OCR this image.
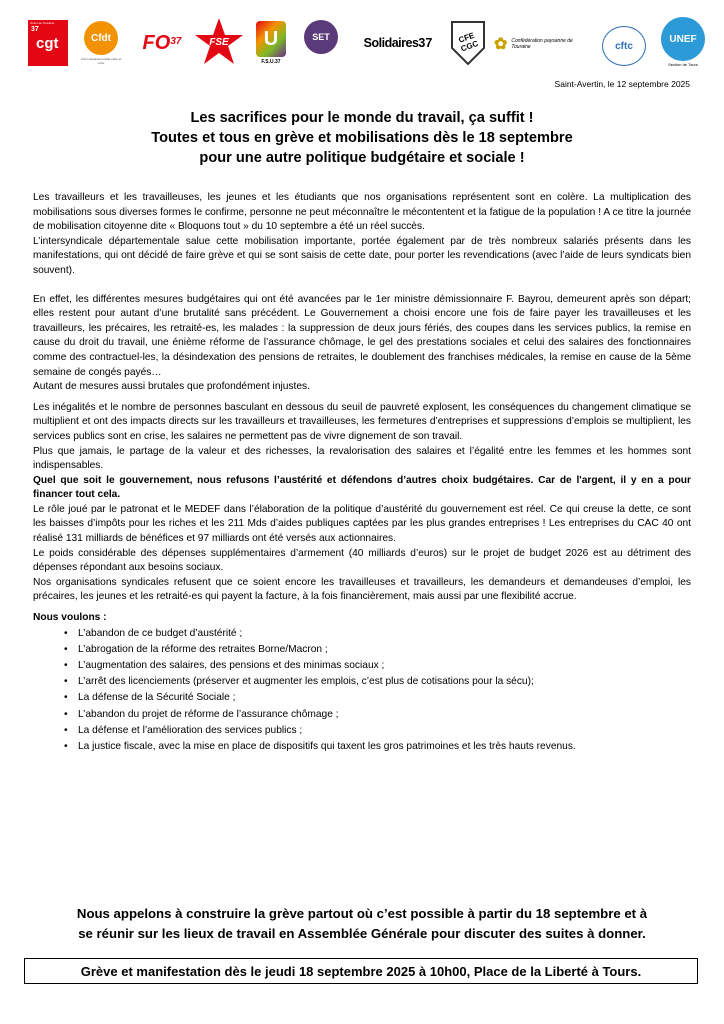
Union de Touraine
37
cgt	Cfdt
Union départementale Indre et Loire
FO 37	FSE U
F.S.U.37
SET	Solidaires 37	CFE CGC ✿ Confédération paysanne de Touraine	cftc
UNEF
Section de Tours
Saint-Avertin, le 12 septembre 2025
Les sacrifices pour le monde du travail, ça suffit !
Toutes et tous en grève et mobilisations dès le 18 septembre
pour une autre politique budgétaire et sociale !

Les travailleurs et les travailleuses, les jeunes et les étudiants que nos organisations représentent sont en colère. La multiplication des mobilisations sous diverses formes le confirme, personne ne peut méconnaître le mécontentent et la fatigue de la population ! A ce titre la journée de mobilisation citoyenne dite « Bloquons tout » du 10 septembre a été un réel succès.

L’intersyndicale départementale salue cette mobilisation importante, portée également par de très nombreux salariés présents dans les manifestations, qui ont décidé de faire grève et qui se sont saisis de cette date, pour porter les revendications (avec l’aide de leurs syndicats bien souvent).

En effet, les différentes mesures budgétaires qui ont été avancées par le 1er ministre démissionnaire F. Bayrou, demeurent après son départ; elles restent pour autant d’une brutalité sans précédent. Le Gouvernement a choisi encore une fois de faire payer les travailleuses et les travailleurs, les précaires, les retraité-es, les malades : la suppression de deux jours fériés, des coupes dans les services publics, la remise en cause du droit du travail, une énième réforme de l’assurance chômage, le gel des prestations sociales et celui des salaires des fonctionnaires comme des contractuel-les, la désindexation des pensions de retraites, le doublement des franchises médicales, la remise en cause de la 5ème semaine de congés payés…

Autant de mesures aussi brutales que profondément injustes.

Les inégalités et le nombre de personnes basculant en dessous du seuil de pauvreté explosent, les conséquences du changement climatique se multiplient et ont des impacts directs sur les travailleurs et travailleuses, les fermetures d’entreprises et suppressions d’emplois se multiplient, les services publics sont en crise, les salaires ne permettent pas de vivre dignement de son travail.

Plus que jamais, le partage de la valeur et des richesses, la revalorisation des salaires et l’égalité entre les femmes et les hommes sont indispensables.

Quel que soit le gouvernement, nous refusons l’austérité et défendons d’autres choix budgétaires. Car de l'argent, il y en a pour financer tout cela.

Le rôle joué par le patronat et le MEDEF dans l’élaboration de la politique d’austérité du gouvernement est réel. Ce qui creuse la dette, ce sont les baisses d’impôts pour les riches et les 211 Mds d’aides publiques captées par les plus grandes entreprises ! Les entreprises du CAC 40 ont réalisé 131 milliards de bénéfices et 97 milliards ont été versés aux actionnaires.

Le poids considérable des dépenses supplémentaires d’armement (40 milliards d’euros) sur le projet de budget 2026 est au détriment des dépenses répondant aux besoins sociaux.

Nos organisations syndicales refusent que ce soient encore les travailleuses et travailleurs, les demandeurs et demandeuses d’emploi, les précaires, les jeunes et les retraité-es qui payent la facture, à la fois financièrement, mais aussi par une flexibilité accrue.

Nous voulons :

• L’abandon de ce budget d’austérité ;
• L’abrogation de la réforme des retraites Borne/Macron ;
• L’augmentation des salaires, des pensions et des minimas sociaux ;
• L’arrêt des licenciements (préserver et augmenter les emplois, c’est plus de cotisations pour la sécu);
• La défense de la Sécurité Sociale ;
• L’abandon du projet de réforme de l’assurance chômage ;
• La défense et l’amélioration des services publics ;
• La justice fiscale, avec la mise en place de dispositifs qui taxent les gros patrimoines et les très hauts revenus.
Nous appelons à construire la grève partout où c’est possible à partir du 18 septembre et à
se réunir sur les lieux de travail en Assemblée Générale pour discuter des suites à donner.
Grève et manifestation dès le jeudi 18 septembre 2025 à 10h00, Place de la Liberté à Tours.
